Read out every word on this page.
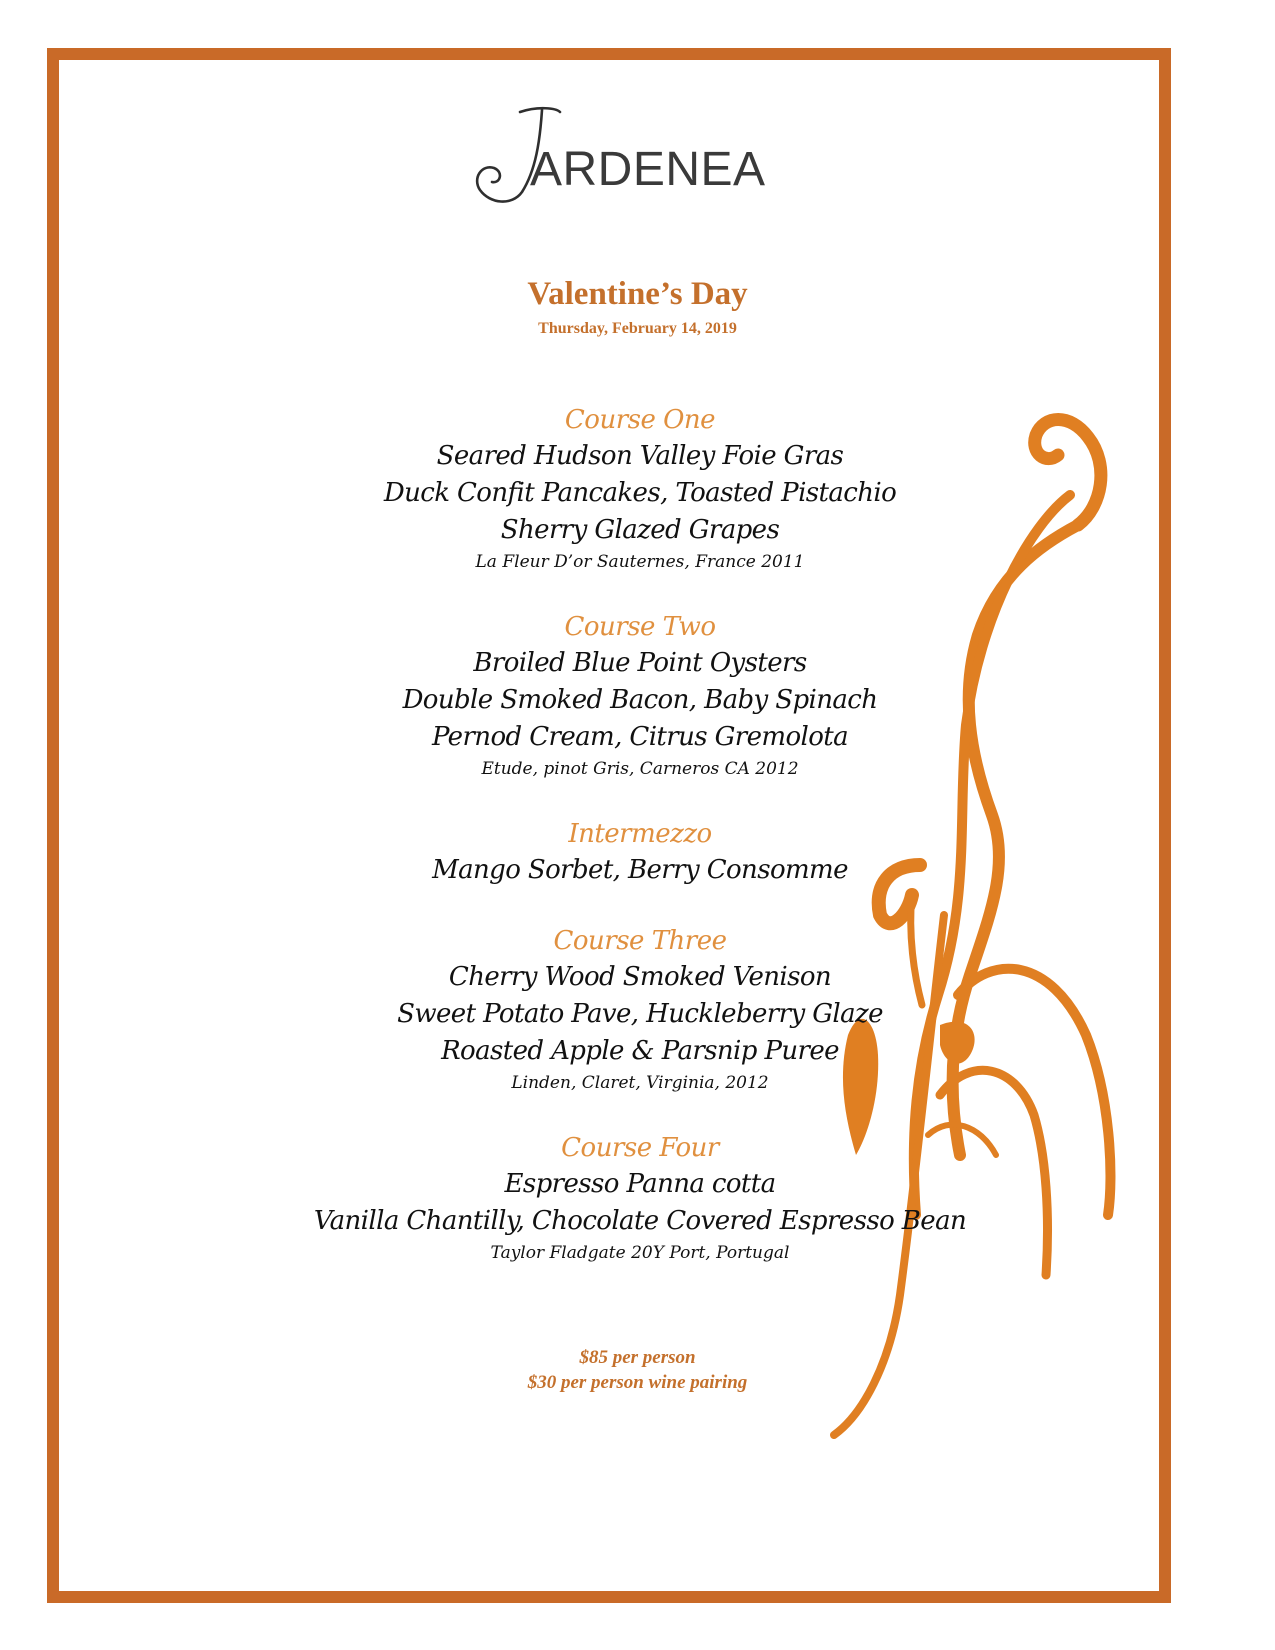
ARDENEA
Valentine’s Day
Thursday, February 14, 2019
Course One
Seared Hudson Valley Foie Gras
Duck Confit Pancakes, Toasted Pistachio
Sherry Glazed Grapes
La Fleur D’or Sauternes, France 2011
Course Two
Broiled Blue Point Oysters
Double Smoked Bacon, Baby Spinach
Pernod Cream, Citrus Gremolota
Etude, pinot Gris, Carneros CA 2012
Intermezzo
Mango Sorbet, Berry Consomme
Course Three
Cherry Wood Smoked Venison
Sweet Potato Pave, Huckleberry Glaze
Roasted Apple & Parsnip Puree
Linden, Claret, Virginia, 2012
Course Four
Espresso Panna cotta
Vanilla Chantilly, Chocolate Covered Espresso Bean
Taylor Fladgate 20Y Port, Portugal
$85 per person
$30 per person wine pairing
